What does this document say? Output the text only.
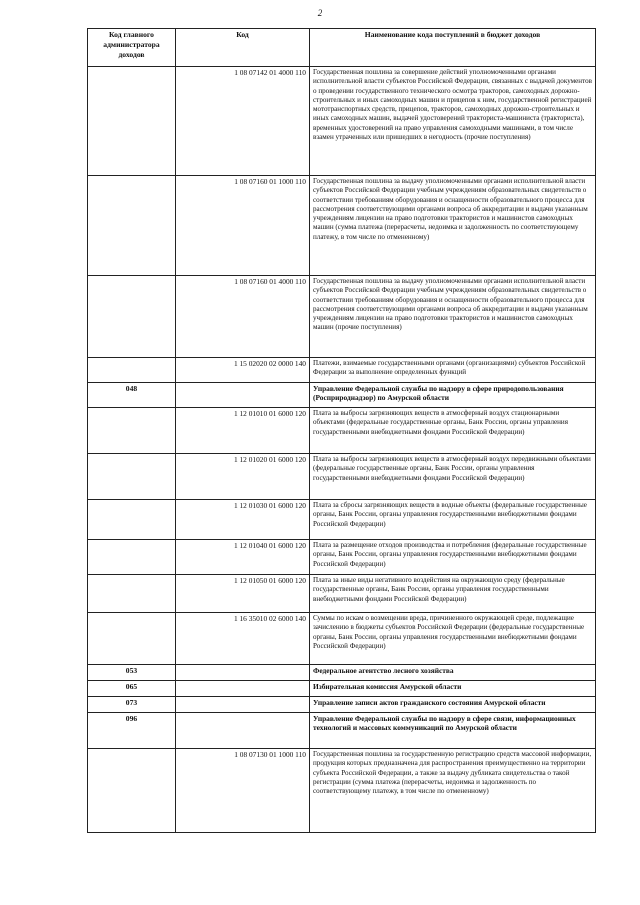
2
Код главного администратора доходов	Код	Наименование кода поступлений в бюджет доходов
	1 08 07142 01 4000 110	Государственная пошлина за совершение действий уполномоченными органами исполнительной власти субъектов Российской Федерации, связанных с выдачей документов о проведении государственного технического осмотра тракторов, самоходных дорожно-строительных и иных самоходных машин и прицепов к ним, государственной регистрацией мототранспортных средств, прицепов, тракторов, самоходных дорожно-строительных и иных самоходных машин, выдачей удостоверений тракториста-машиниста (тракториста), временных удостоверений на право управления самоходными машинами, в том числе взамен утраченных или пришедших в негодность (прочие поступления)
	1 08 07160 01 1000 110	Государственная пошлина за выдачу уполномоченными органами исполнительной власти субъектов Российской Федерации учебным учреждениям образовательных свидетельств о соответствии требованиям оборудования и оснащенности образовательного процесса для рассмотрения соответствующими органами вопроса об аккредитации и выдачи указанным учреждениям лицензии на право подготовки трактористов и машинистов самоходных машин (сумма платежа (перерасчеты, недоимка и задолженность по соответствующему платежу, в том числе по отмененному)
	1 08 07160 01 4000 110	Государственная пошлина за выдачу уполномоченными органами исполнительной власти субъектов Российской Федерации учебным учреждениям образовательных свидетельств о соответствии требованиям оборудования и оснащенности образовательного процесса для рассмотрения соответствующими органами вопроса об аккредитации и выдачи указанным учреждениям лицензии на право подготовки трактористов и машинистов самоходных машин (прочие поступления)
	1 15 02020 02 0000 140	Платежи, взимаемые государственными органами (организациями) субъектов Российской Федерации за выполнение определенных функций
048		Управление Федеральной службы по надзору в сфере природопользования (Росприроднадзор) по Амурской области
	1 12 01010 01 6000 120	Плата за выбросы загрязняющих веществ в атмосферный воздух стационарными объектами (федеральные государственные органы, Банк России, органы управления государственными внебюджетными фондами Российской Федерации)
	1 12 01020 01 6000 120	Плата за выбросы загрязняющих веществ в атмосферный воздух передвижными объектами (федеральные государственные органы, Банк России, органы управления государственными внебюджетными фондами Российской Федерации)
	1 12 01030 01 6000 120	Плата за сбросы загрязняющих веществ в водные объекты (федеральные государственные органы, Банк России, органы управления государственными внебюджетными фондами Российской Федерации)
	1 12 01040 01 6000 120	Плата за размещение отходов производства и потребления (федеральные государственные органы, Банк России, органы управления государственными внебюджетными фондами Российской Федерации)
	1 12 01050 01 6000 120	Плата за иные виды негативного воздействия на окружающую среду (федеральные государственные органы, Банк России, органы управления государственными внебюджетными фондами Российской Федерации)
	1 16 35010 02 6000 140	Суммы по искам о возмещении вреда, причиненного окружающей среде, подлежащие зачислению в бюджеты субъектов Российской Федерации (федеральные государственные органы, Банк России, органы управления государственными внебюджетными фондами Российской Федерации)
053		Федеральное агентство лесного хозяйства
065		Избирательная комиссия Амурской области
073		Управление записи актов гражданского состояния Амурской области
096		Управление Федеральной службы по надзору в сфере связи, информационных технологий и массовых коммуникаций по Амурской области
	1 08 07130 01 1000 110	Государственная пошлина за государственную регистрацию средств массовой информации, продукция которых предназначена для распространения преимущественно на территории субъекта Российской Федерации, а также за выдачу дубликата свидетельства о такой регистрации (сумма платежа (перерасчеты, недоимка и задолженность по соответствующему платежу, в том числе по отмененному)
